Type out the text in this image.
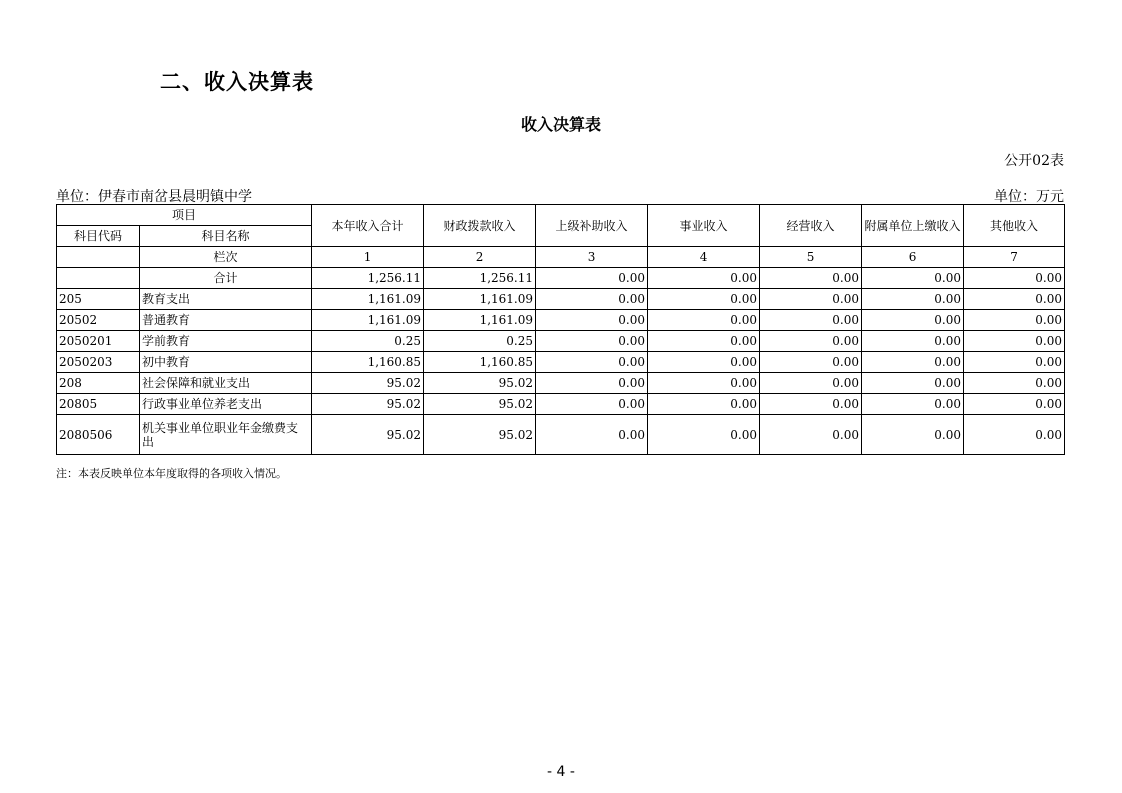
二、收入决算表
收入决算表
公开02表
单位：伊春市南岔县晨明镇中学	单位：万元
项目		本年收入合计	财政拨款收入	上级补助收入	事业收入	经营收入	附属单位上缴收入	其他收入
科目代码	科目名称							
	栏次	1	2	3	4	5	6	7
	合计	1,256.11	1,256.11	0.00	0.00	0.00	0.00	0.00
205	教育支出	1,161.09	1,161.09	0.00	0.00	0.00	0.00	0.00
20502	普通教育	1,161.09	1,161.09	0.00	0.00	0.00	0.00	0.00
2050201	学前教育	0.25	0.25	0.00	0.00	0.00	0.00	0.00
2050203	初中教育	1,160.85	1,160.85	0.00	0.00	0.00	0.00	0.00
208	社会保障和就业支出	95.02	95.02	0.00	0.00	0.00	0.00	0.00
20805	行政事业单位养老支出	95.02	95.02	0.00	0.00	0.00	0.00	0.00
2080506	机关事业单位职业年金缴费支出	95.02	95.02	0.00	0.00	0.00	0.00	0.00
注：本表反映单位本年度取得的各项收入情况。
- 4 -
